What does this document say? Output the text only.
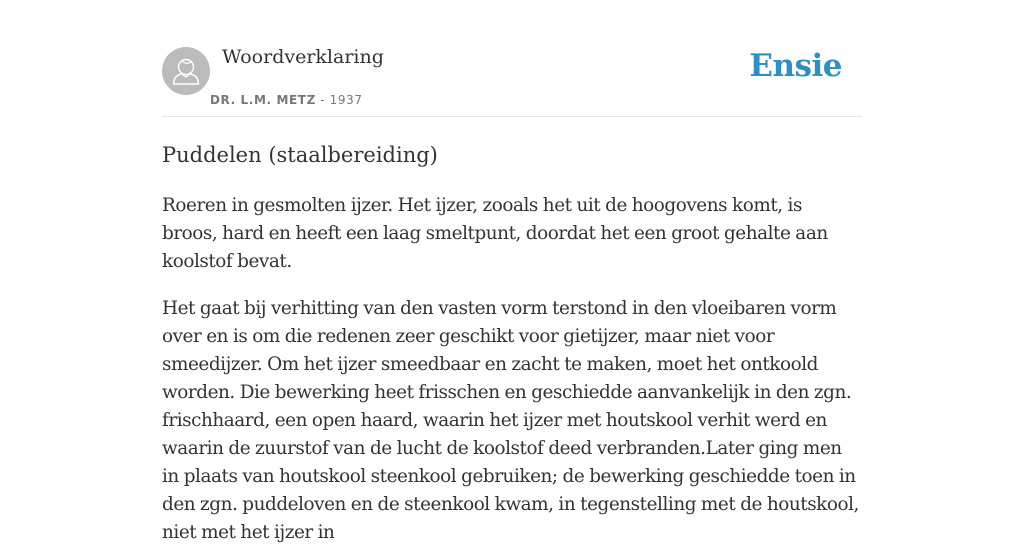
Woordverklaring
DR. L.M. METZ - 1937
Ensie
Puddelen (staalbereiding)

Roeren in gesmolten ijzer. Het ijzer, zooals het uit de hoogovens komt, is broos, hard en heeft een laag smeltpunt, doordat het een groot gehalte aan koolstof bevat.

Het gaat bij verhitting van den vasten vorm terstond in den vloeibaren vorm over en is om die redenen zeer geschikt voor gietijzer, maar niet voor smeedijzer. Om het ijzer smeedbaar en zacht te maken, moet het ontkoold worden. Die bewerking heet frisschen en geschiedde aanvankelijk in den zgn. frischhaard, een open haard, waarin het ijzer met houtskool verhit werd en waarin de zuurstof van de lucht de koolstof deed verbranden.Later ging men in plaats van houtskool steenkool gebruiken; de bewerking geschiedde toen in den zgn. puddeloven en de steenkool kwam, in tegenstelling met de houtskool, niet met het ijzer in
